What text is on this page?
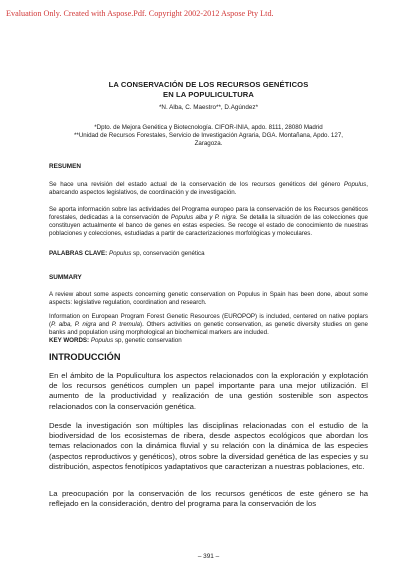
Evaluation Only. Created with Aspose.Pdf. Copyright 2002-2012 Aspose Pty Ltd.
LA CONSERVACIÓN DE LOS RECURSOS GENÉTICOS
EN LA POPULICULTURA
*N. Alba, C. Maestro**, D.Agúndez*
*Dpto. de Mejora Genética y Biotecnología. CIFOR-INIA, apdo. 8111, 28080 Madrid
**Unidad de Recursos Forestales, Servicio de Investigación Agraria, DGA. Montañana, Apdo. 127,
Zaragoza.
RESUMEN

Se hace una revisión del estado actual de la conservación de los recursos genéticos del género Populus, abarcando aspectos legislativos, de coordinación y de investigación.

Se aporta información sobre las actividades del Programa europeo para la conservación de los Recursos genéticos forestales, dedicadas a la conservación de Populus alba y P. nigra. Se detalla la situación de las colecciones que constituyen actualmente el banco de genes en estas especies. Se recoge el estado de conocimiento de nuestras poblaciones y colecciones, estudiadas a partir de caracterizaciones morfológicas y moleculares.

PALABRAS CLAVE: Populus sp, conservación genética

SUMMARY

A review about some aspects concerning genetic conservation on Populus in Spain has been done, about some aspects: legislative regulation, coordination and research.

Information on European Program Forest Genetic Resources (EUROPOP) is included, centered on native poplars (P. alba, P. nigra and P. tremula). Others activities on genetic conservation, as genetic diversity studies on gene banks and population using morphological an biochemical markers are included.

KEY WORDS: Populus sp, genetic conservation

INTRODUCCIÓN

En el ámbito de la Populicultura los aspectos relacionados con la exploración y explotación de los recursos genéticos cumplen un papel importante para una mejor utilización. El aumento de la productividad y realización de una gestión sostenible son aspectos relacionados con la conservación genética.

Desde la investigación son múltiples las disciplinas relacionadas con el estudio de la biodiversidad de los ecosistemas de ribera, desde aspectos ecológicos que abordan los temas relacionados con la dinámica fluvial y su relación con la dinámica de las especies (aspectos reproductivos y genéticos), otros sobre la diversidad genética de las especies y su distribución, aspectos fenotípicos yadaptativos que caracterizan a nuestras poblaciones, etc.

La preocupación por la conservación de los recursos genéticos de este género se ha reflejado en la consideración, dentro del programa para la conservación de los

– 391 –
